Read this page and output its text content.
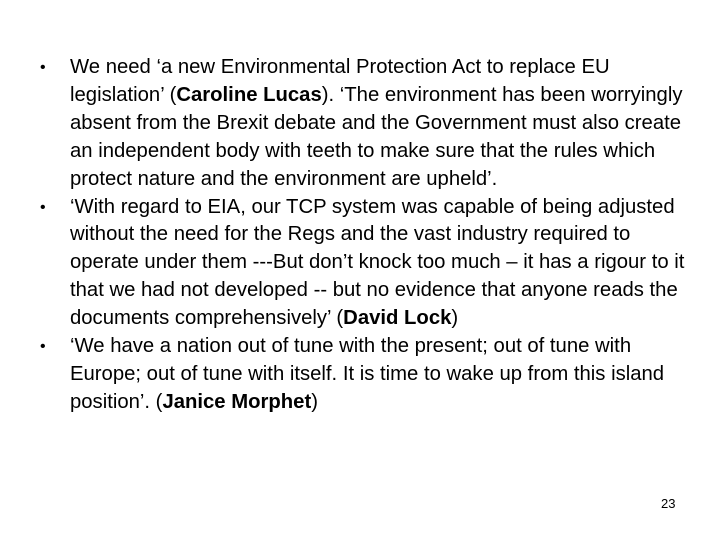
•	We need ‘a new Environmental Protection Act to replace EU legislation’ (Caroline Lucas). ‘The environment has been worryingly absent from the Brexit debate and the Government must also create an independent body with teeth to make sure that the rules which protect nature and the environment are upheld’.
•	‘With regard to EIA, our TCP system was capable of being adjusted without the need for the Regs and the vast industry required to operate under them ---But don’t knock too much – it has a rigour to it that we had not developed -- but no evidence that anyone reads the documents comprehensively’ (David Lock)
•	‘We have a nation out of tune with the present; out of tune with Europe; out of tune with itself. It is time to wake up from this island position’. (Janice Morphet)
23
